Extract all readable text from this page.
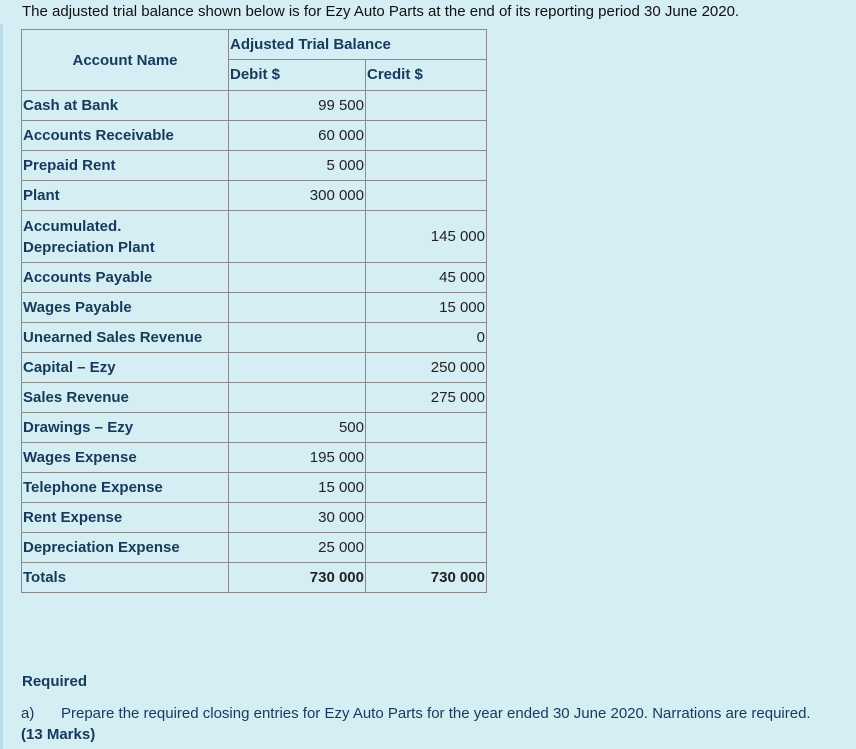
The adjusted trial balance shown below is for Ezy Auto Parts at the end of its reporting period 30 June 2020.
Account Name	Adjusted Trial Balance	
	Debit $	Credit $
Cash at Bank	99 500	
Accounts Receivable	60 000	
Prepaid Rent	5 000	
Plant	300 000	
Accumulated.
Depreciation Plant		145 000
Accounts Payable		45 000
Wages Payable		15 000
Unearned Sales Revenue		0
Capital – Ezy		250 000
Sales Revenue		275 000
Drawings – Ezy	500	
Wages Expense	195 000	
Telephone Expense	15 000	
Rent Expense	30 000	
Depreciation Expense	25 000	
Totals	730 000	730 000
Required
a) Prepare the required closing entries for Ezy Auto Parts for the year ended 30 June 2020. Narrations are required. (13 Marks)
